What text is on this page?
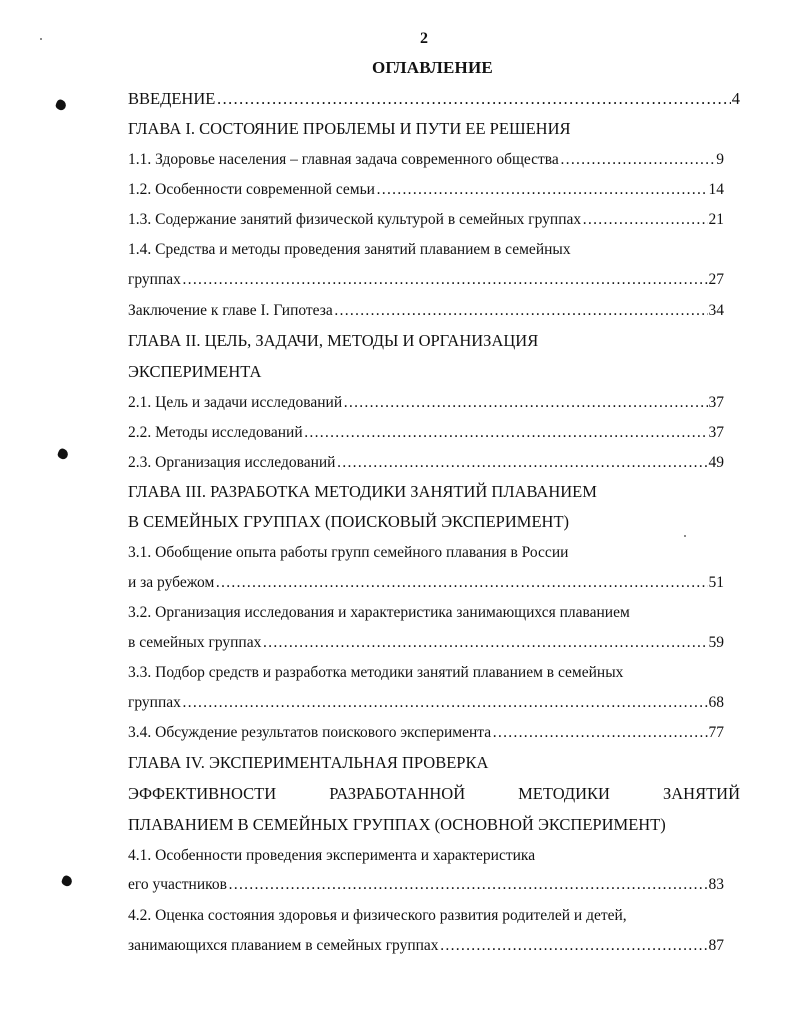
2
ОГЛАВЛЕНИЕ
ВВЕДЕНИЕ …………………………………………………………………………………………………………………………………………	4
ГЛАВА I. СОСТОЯНИЕ ПРОБЛЕМЫ И ПУТИ ЕЕ РЕШЕНИЯ
1.1. Здоровье населения – главная задача современного общества …………………………………………………………………………………………………………………………………………	9
1.2. Особенности современной семьи …………………………………………………………………………………………………………………………………………	14
1.3. Содержание занятий физической культурой в семейных группах …………………………………………………………………………………………………………………………………………	21
1.4. Средства и методы проведения занятий плаванием в семейных
группах …………………………………………………………………………………………………………………………………………	27
Заключение к главе I. Гипотеза …………………………………………………………………………………………………………………………………………	34
ГЛАВА II. ЦЕЛЬ, ЗАДАЧИ, МЕТОДЫ И ОРГАНИЗАЦИЯ
ЭКСПЕРИМЕНТА
2.1. Цель и задачи исследований …………………………………………………………………………………………………………………………………………	37
2.2. Методы исследований …………………………………………………………………………………………………………………………………………	37
2.3. Организация исследований …………………………………………………………………………………………………………………………………………	49
ГЛАВА III. РАЗРАБОТКА МЕТОДИКИ ЗАНЯТИЙ ПЛАВАНИЕМ
В СЕМЕЙНЫХ ГРУППАХ (ПОИСКОВЫЙ ЭКСПЕРИМЕНТ)
3.1. Обобщение опыта работы групп семейного плавания в России
и за рубежом …………………………………………………………………………………………………………………………………………	51
3.2. Организация исследования и характеристика занимающихся плаванием
в семейных группах …………………………………………………………………………………………………………………………………………	59
3.3. Подбор средств и разработка методики занятий плаванием в семейных
группах …………………………………………………………………………………………………………………………………………	68
3.4. Обсуждение результатов поискового эксперимента …………………………………………………………………………………………………………………………………………	77
ГЛАВА IV. ЭКСПЕРИМЕНТАЛЬНАЯ ПРОВЕРКА
ЭФФЕКТИВНОСТИ	РАЗРАБОТАННОЙ	МЕТОДИКИ	ЗАНЯТИЙ
ПЛАВАНИЕМ В СЕМЕЙНЫХ ГРУППАХ (ОСНОВНОЙ ЭКСПЕРИМЕНТ)
4.1. Особенности проведения эксперимента и характеристика
его участников …………………………………………………………………………………………………………………………………………	83
4.2. Оценка состояния здоровья и физического развития родителей и детей,
занимающихся плаванием в семейных группах …………………………………………………………………………………………………………………………………………	87
